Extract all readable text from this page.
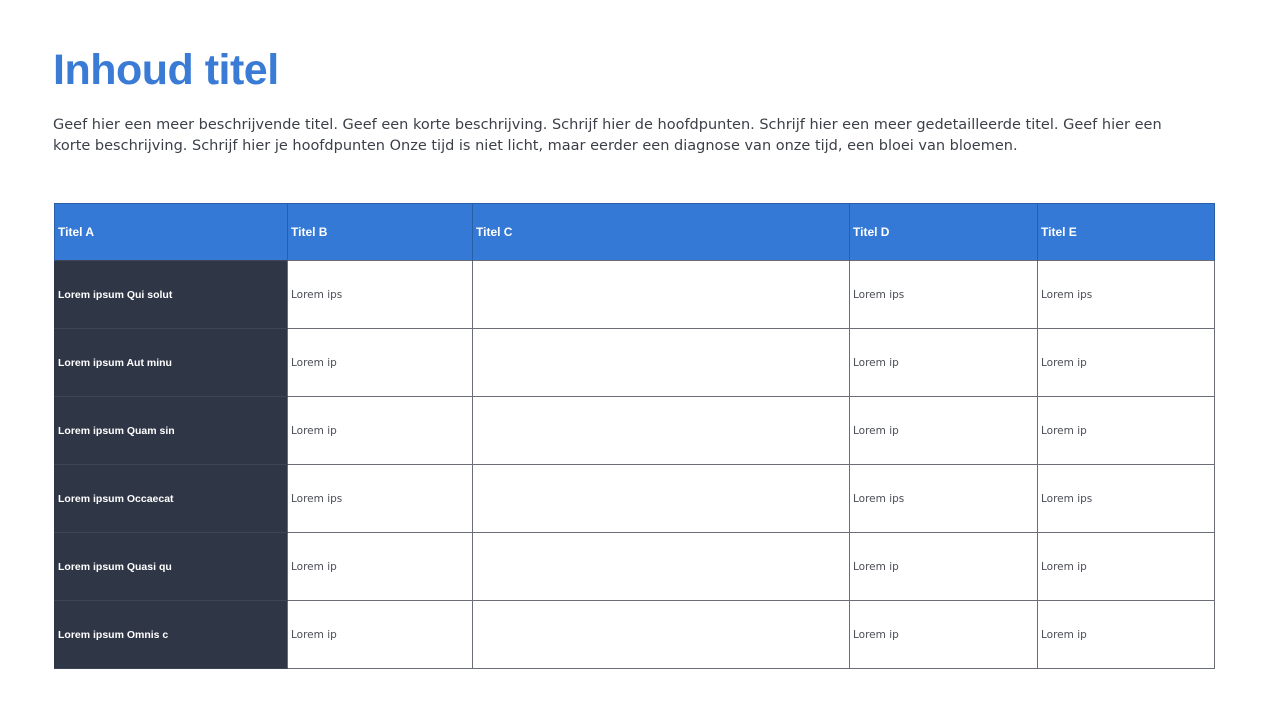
Inhoud titel

Geef hier een meer beschrijvende titel. Geef een korte beschrijving. Schrijf hier de hoofdpunten. Schrijf hier een meer gedetailleerde titel. Geef hier een korte beschrijving. Schrijf hier je hoofdpunten Onze tijd is niet licht, maar eerder een diagnose van onze tijd, een bloei van bloemen.

Titel A	Titel B	Titel C	Titel D	Titel E
Lorem ipsum Qui solut	Lorem ips		Lorem ips	Lorem ips
Lorem ipsum Aut minu	Lorem ip		Lorem ip	Lorem ip
Lorem ipsum Quam sin	Lorem ip		Lorem ip	Lorem ip
Lorem ipsum Occaecat	Lorem ips		Lorem ips	Lorem ips
Lorem ipsum Quasi qu	Lorem ip		Lorem ip	Lorem ip
Lorem ipsum Omnis c	Lorem ip		Lorem ip	Lorem ip
